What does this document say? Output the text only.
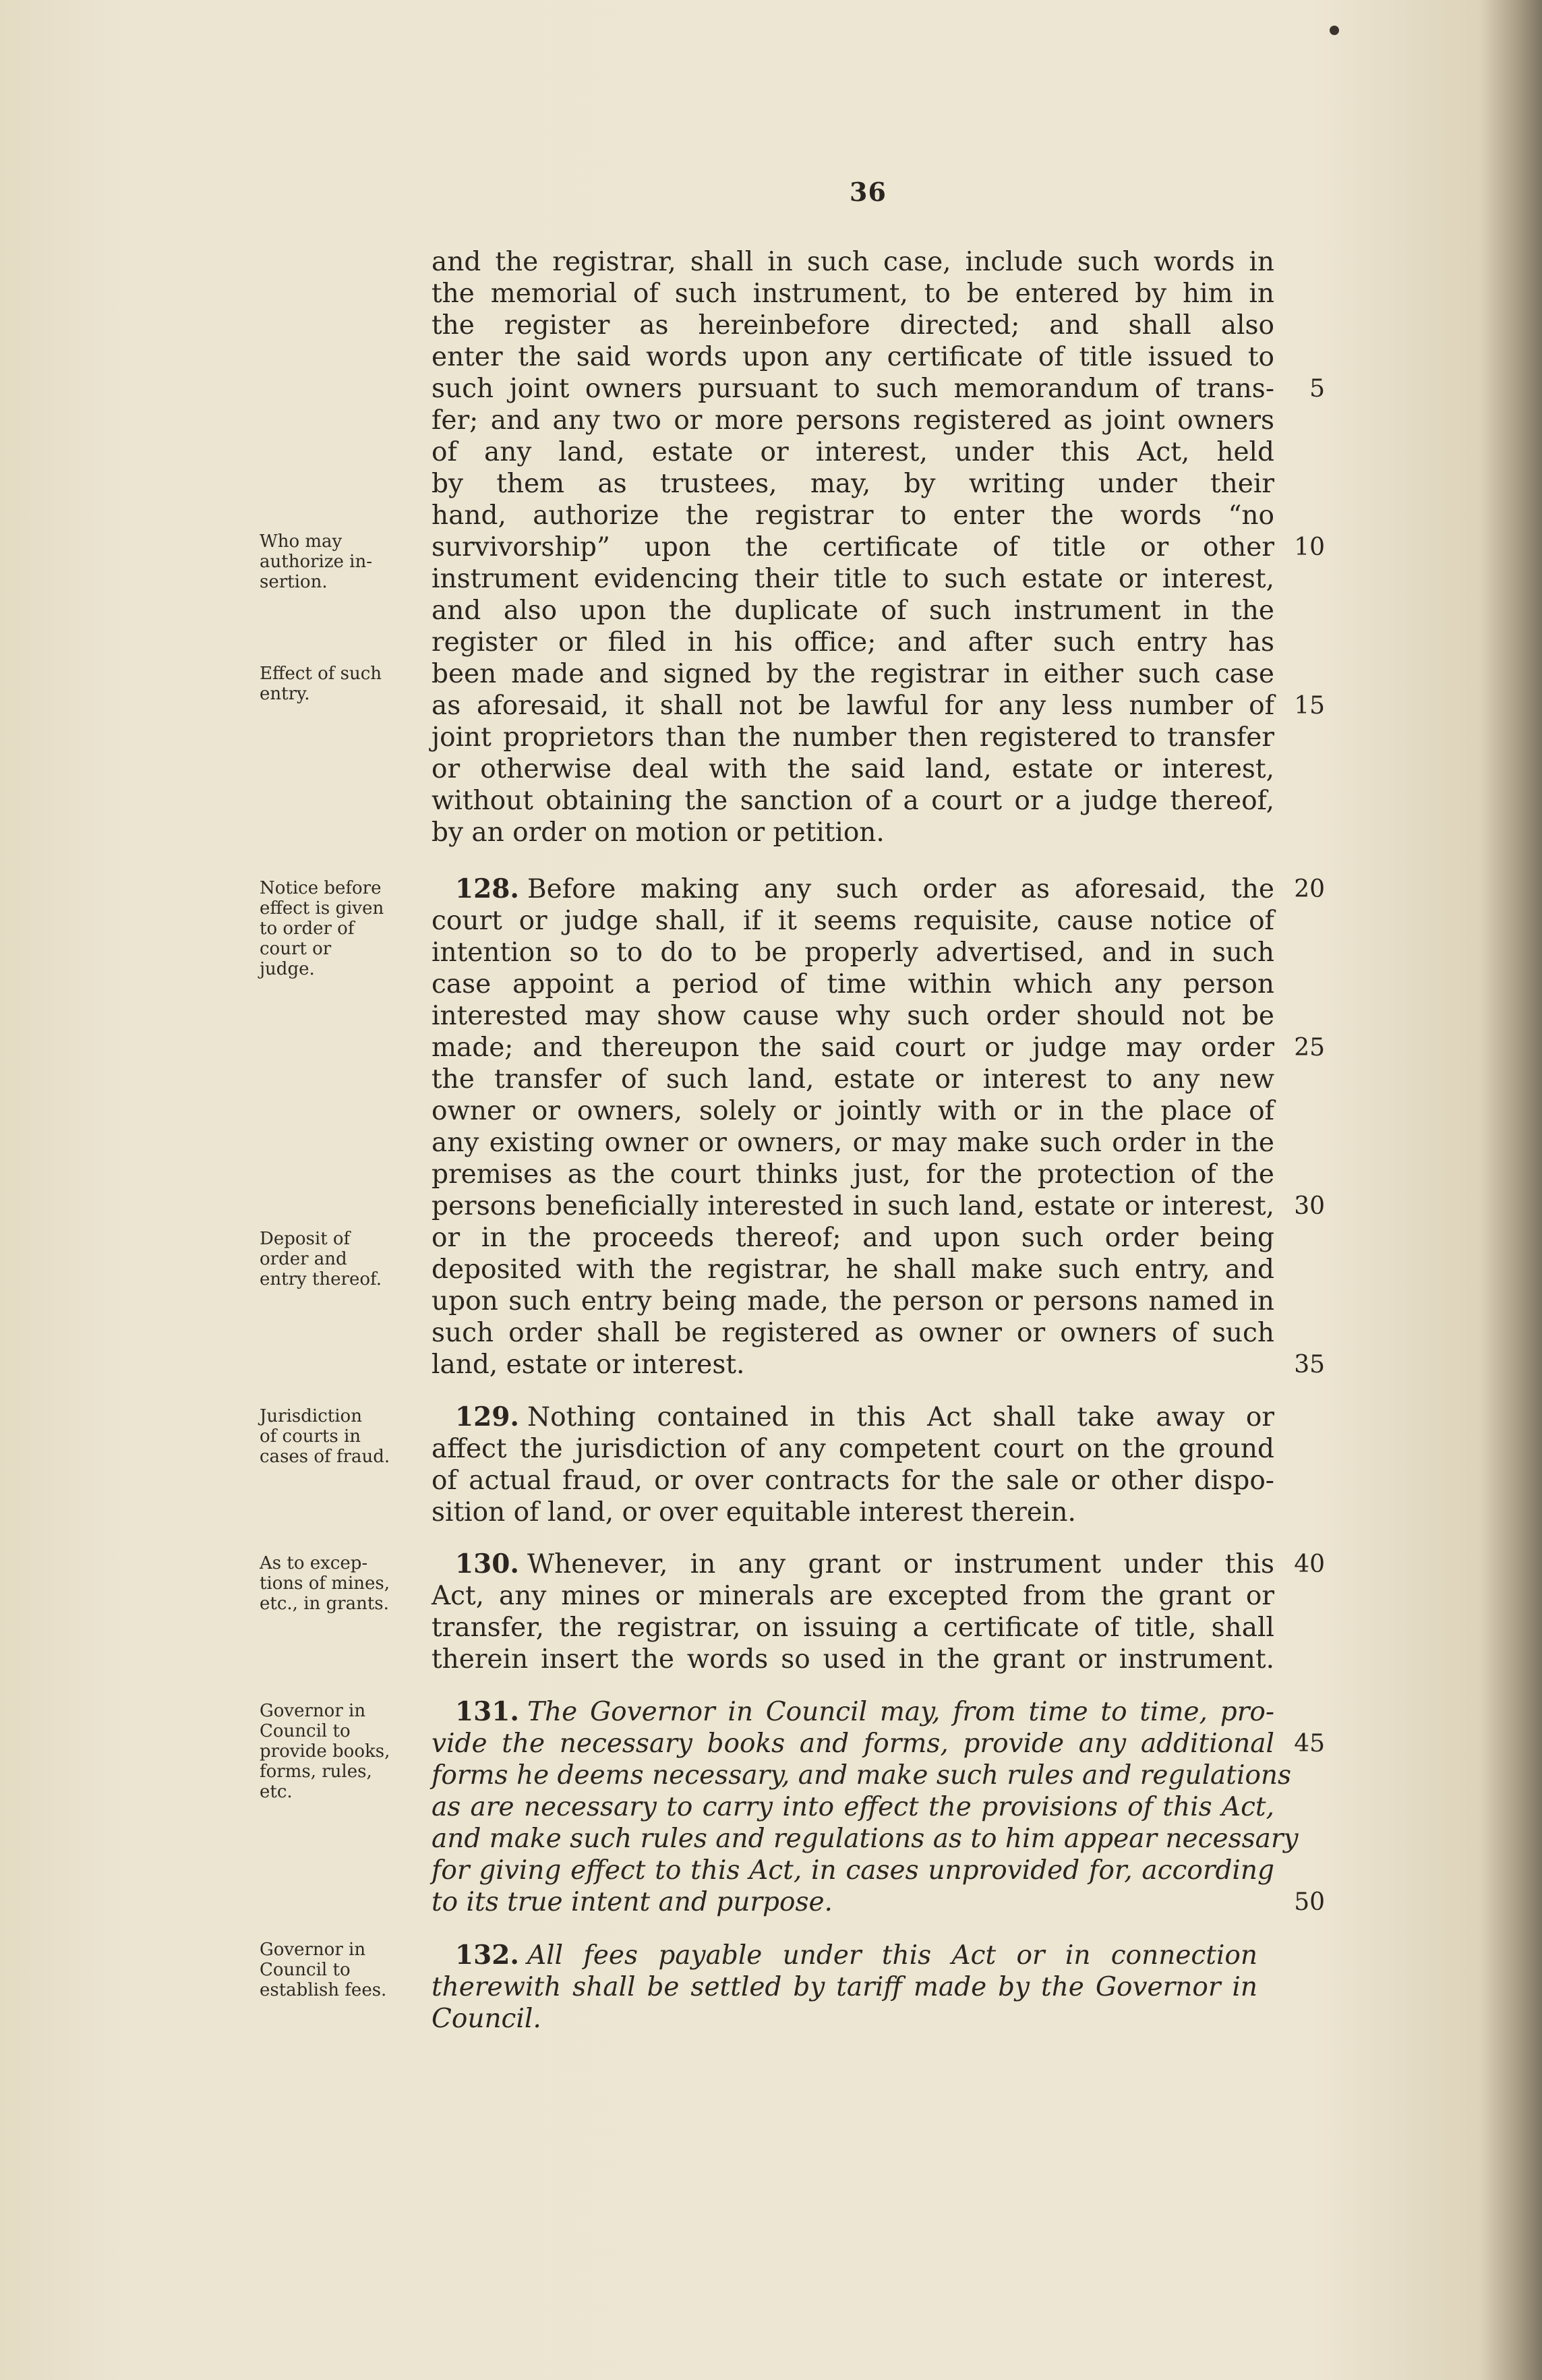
36
and the registrar, shall in such case, include such words in
the memorial of such instrument, to be entered by him in
the register as hereinbefore directed; and shall also
enter the said words upon any certificate of title issued to
such joint owners pursuant to such memorandum of trans-
fer; and any two or more persons registered as joint owners
of any land, estate or interest, under this Act, held
by them as trustees, may, by writing under their
hand, authorize the registrar to enter the words “no
survivorship” upon the certificate of title or other
instrument evidencing their title to such estate or interest,
and also upon the duplicate of such instrument in the
register or filed in his office; and after such entry has
been made and signed by the registrar in either such case
as aforesaid, it shall not be lawful for any less number of
joint proprietors than the number then registered to transfer
or otherwise deal with the said land, estate or interest,
without obtaining the sanction of a court or a judge thereof,
by an order on motion or petition.
128. Before making any such order as aforesaid, the
court or judge shall, if it seems requisite, cause notice of
intention so to do to be properly advertised, and in such
case appoint a period of time within which any person
interested may show cause why such order should not be
made; and thereupon the said court or judge may order
the transfer of such land, estate or interest to any new
owner or owners, solely or jointly with or in the place of
any existing owner or owners, or may make such order in the
premises as the court thinks just, for the protection of the
persons beneficially interested in such land, estate or interest,
or in the proceeds thereof; and upon such order being
deposited with the registrar, he shall make such entry, and
upon such entry being made, the person or persons named in
such order shall be registered as owner or owners of such
land, estate or interest.
129. Nothing contained in this Act shall take away or
affect the jurisdiction of any competent court on the ground
of actual fraud, or over contracts for the sale or other dispo-
sition of land, or over equitable interest therein.
130. Whenever, in any grant or instrument under this
Act, any mines or minerals are excepted from the grant or
transfer, the registrar, on issuing a certificate of title, shall
therein insert the words so used in the grant or instrument.
131. The Governor in Council may, from time to time, pro-
vide the necessary books and forms, provide any additional
forms he deems necessary, and make such rules and regulations
as are necessary to carry into effect the provisions of this Act,
and make such rules and regulations as to him appear necessary
for giving effect to this Act, in cases unprovided for, according
to its true intent and purpose.
132. All fees payable under this Act or in connection
therewith shall be settled by tariff made by the Governor in
Council.
5
10
15
20
25
30
35
40
45
50
Who may
authorize in-
sertion.
Effect of such
entry.
Notice before
effect is given
to order of
court or
judge.
Deposit of
order and
entry thereof.
Jurisdiction
of courts in
cases of fraud.
As to excep-
tions of mines,
etc., in grants.
Governor in
Council to
provide books,
forms, rules,
etc.
Governor in
Council to
establish fees.
